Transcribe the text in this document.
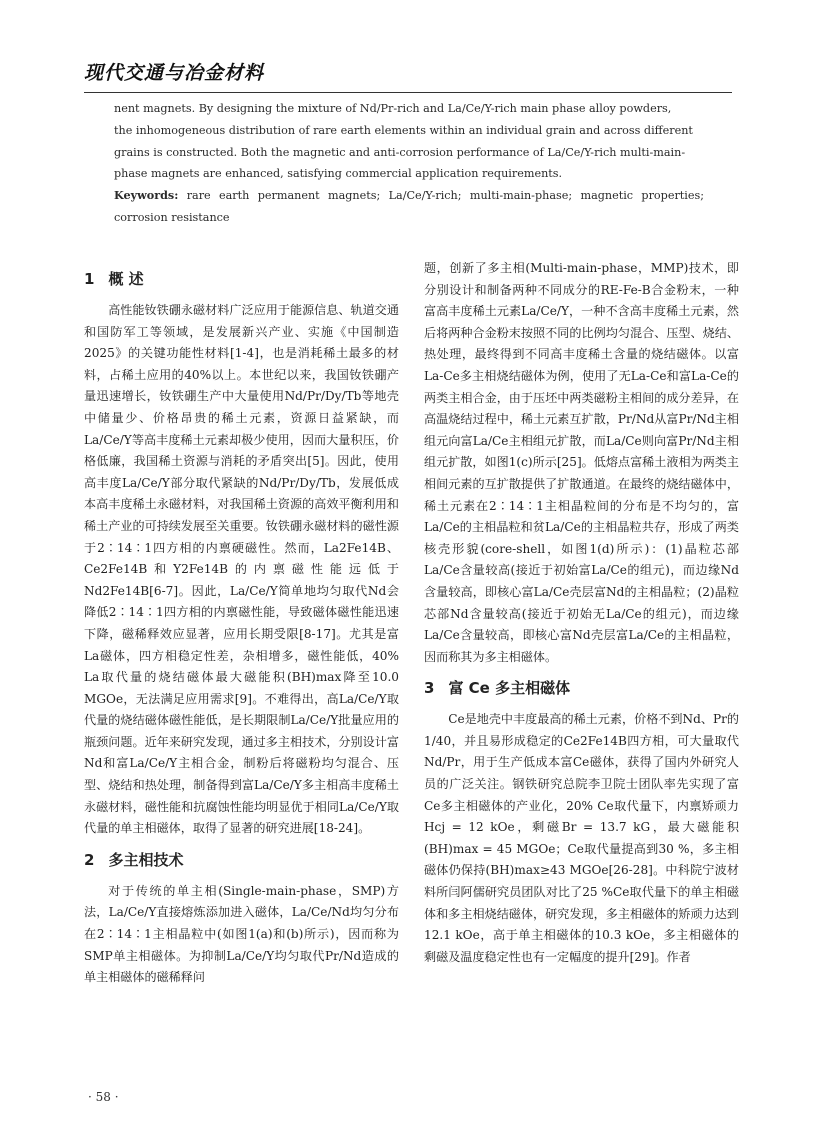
现代交通与冶金材料

nent magnets. By designing the mixture of Nd/Pr-rich and La/Ce/Y-rich main phase alloy powders,

the inhomogeneous distribution of rare earth elements within an individual grain and across different

grains is constructed. Both the magnetic and anti-corrosion performance of La/Ce/Y-rich multi-main-

phase magnets are enhanced, satisfying commercial application requirements.

Keywords: rare earth permanent magnets; La/Ce/Y-rich; multi-main-phase; magnetic properties; corrosion resistance

1 概 述

高性能钕铁硼永磁材料广泛应用于能源信息、轨道交通和国防军工等领域，是发展新兴产业、实施《中国制造2025》的关键功能性材料[1-4]，也是消耗稀土最多的材料，占稀土应用的40%以上。本世纪以来，我国钕铁硼产量迅速增长，钕铁硼生产中大量使用Nd/Pr/Dy/Tb等地壳中储量少、价格昂贵的稀土元素，资源日益紧缺，而La/Ce/Y等高丰度稀土元素却极少使用，因而大量积压，价格低廉，我国稀土资源与消耗的矛盾突出[5]。因此，使用高丰度La/Ce/Y部分取代紧缺的Nd/Pr/Dy/Tb，发展低成本高丰度稀土永磁材料，对我国稀土资源的高效平衡利用和稀土产业的可持续发展至关重要。钕铁硼永磁材料的磁性源于2∶14∶1四方相的内禀硬磁性。然而，La2Fe14B、Ce2Fe14B和Y2Fe14B的内禀磁性能远低于Nd2Fe14B[6-7]。因此，La/Ce/Y简单地均匀取代Nd会降低2∶14∶1四方相的内禀磁性能，导致磁体磁性能迅速下降，磁稀释效应显著，应用长期受限[8-17]。尤其是富La磁体，四方相稳定性差，杂相增多，磁性能低，40% La取代量的烧结磁体最大磁能积(BH)max降至10.0 MGOe，无法满足应用需求[9]。不难得出，高La/Ce/Y取代量的烧结磁体磁性能低，是长期限制La/Ce/Y批量应用的瓶颈问题。近年来研究发现，通过多主相技术，分别设计富Nd和富La/Ce/Y主相合金，制粉后将磁粉均匀混合、压型、烧结和热处理，制备得到富La/Ce/Y多主相高丰度稀土永磁材料，磁性能和抗腐蚀性能均明显优于相同La/Ce/Y取代量的单主相磁体，取得了显著的研究进展[18-24]。

2 多主相技术

对于传统的单主相(Single-main-phase，SMP)方法，La/Ce/Y直接熔炼添加进入磁体，La/Ce/Nd均匀分布在2∶14∶1主相晶粒中(如图1(a)和(b)所示)，因而称为SMP单主相磁体。为抑制La/Ce/Y均匀取代Pr/Nd造成的单主相磁体的磁稀释问

题，创新了多主相(Multi-main-phase，MMP)技术，即分别设计和制备两种不同成分的RE-Fe-B合金粉末，一种富高丰度稀土元素La/Ce/Y，一种不含高丰度稀土元素，然后将两种合金粉末按照不同的比例均匀混合、压型、烧结、热处理，最终得到不同高丰度稀土含量的烧结磁体。以富La-Ce多主相烧结磁体为例，使用了无La-Ce和富La-Ce的两类主相合金，由于压坯中两类磁粉主相间的成分差异，在高温烧结过程中，稀土元素互扩散，Pr/Nd从富Pr/Nd主相组元向富La/Ce主相组元扩散，而La/Ce则向富Pr/Nd主相组元扩散，如图1(c)所示[25]。低熔点富稀土液相为两类主相间元素的互扩散提供了扩散通道。在最终的烧结磁体中，稀土元素在2∶14∶1主相晶粒间的分布是不均匀的，富La/Ce的主相晶粒和贫La/Ce的主相晶粒共存，形成了两类核壳形貌(core-shell，如图1(d)所示)：(1)晶粒芯部La/Ce含量较高(接近于初始富La/Ce的组元)，而边缘Nd含量较高，即核心富La/Ce壳层富Nd的主相晶粒；(2)晶粒芯部Nd含量较高(接近于初始无La/Ce的组元)，而边缘La/Ce含量较高，即核心富Nd壳层富La/Ce的主相晶粒，因而称其为多主相磁体。

3 富 Ce 多主相磁体

Ce是地壳中丰度最高的稀土元素，价格不到Nd、Pr的1/40，并且易形成稳定的Ce2Fe14B四方相，可大量取代Nd/Pr，用于生产低成本富Ce磁体，获得了国内外研究人员的广泛关注。钢铁研究总院李卫院士团队率先实现了富Ce多主相磁体的产业化，20% Ce取代量下，内禀矫顽力Hcj = 12 kOe，剩磁Br = 13.7 kG，最大磁能积(BH)max = 45 MGOe；Ce取代量提高到30 %，多主相磁体仍保持(BH)max≥43 MGOe[26-28]。中科院宁波材料所闫阿儒研究员团队对比了25 %Ce取代量下的单主相磁体和多主相烧结磁体，研究发现，多主相磁体的矫顽力达到12.1 kOe，高于单主相磁体的10.3 kOe，多主相磁体的剩磁及温度稳定性也有一定幅度的提升[29]。作者

· 58 ·
